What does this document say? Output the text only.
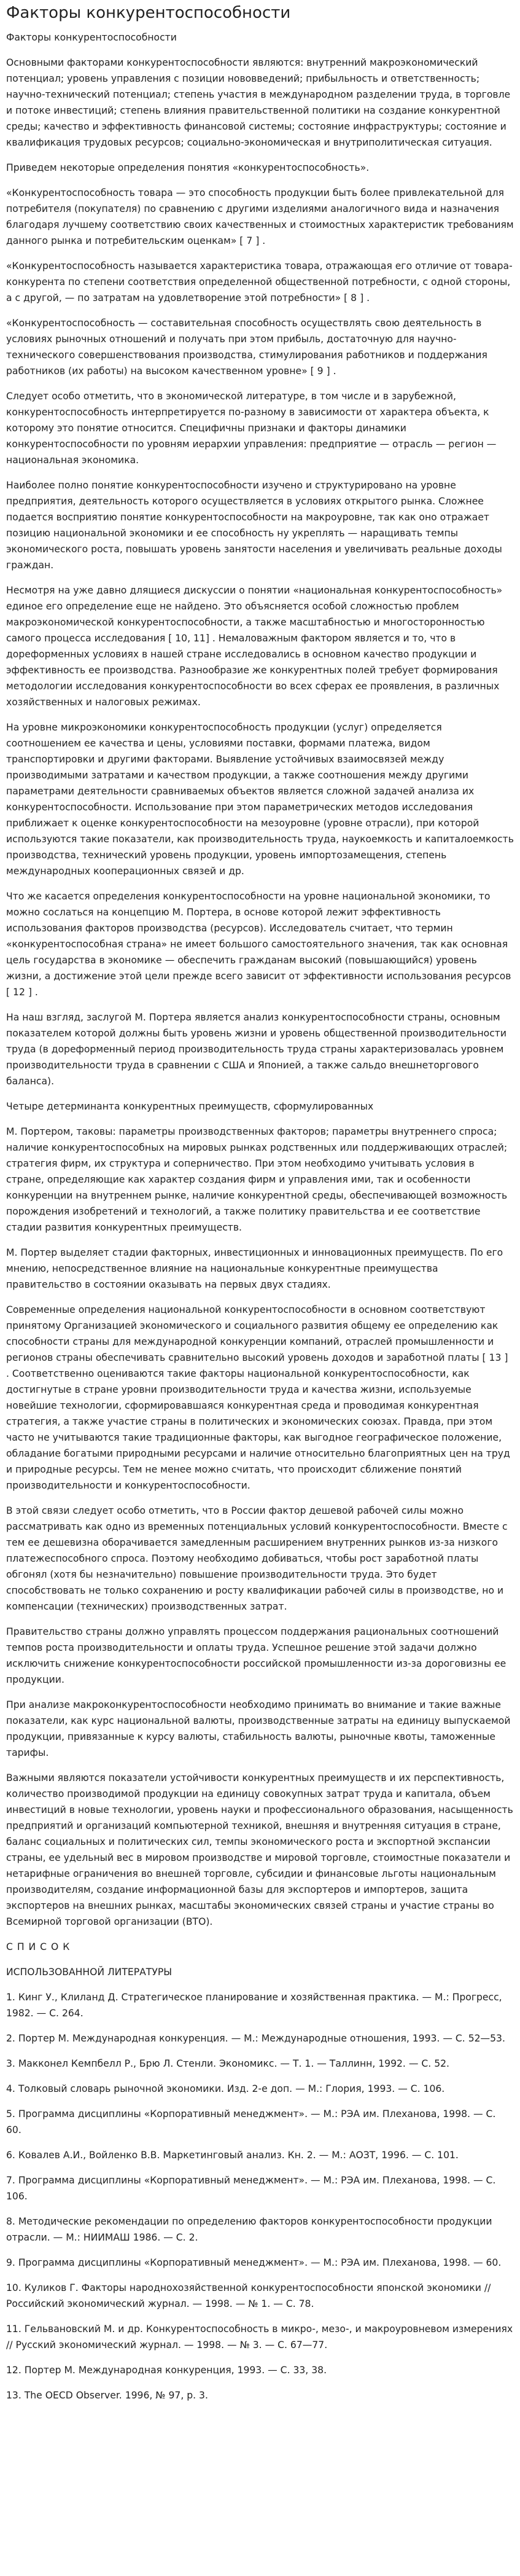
Факторы конкурентоспособности

Факторы конкурентоспособности

Основными факторами конкурентоспособности являются: внутренний макроэкономический потенциал; уровень управления с позиции нововведений; прибыльность и ответственность; научно-технический потенциал; степень участия в международном разделении труда, в торговле и потоке инвестиций; степень влияния правительственной политики на создание конкурентной среды; качество и эффективность финансовой системы; состояние инфраструктуры; состояние и квалификация трудовых ресурсов; социально-экономическая и внутриполитическая ситуация.

Приведем некоторые определения понятия «конкурентоспособность».

«Конкурентоспособность товара — это способность продукции быть более привлекательной для потребителя (покупателя) по сравнению с другими изделиями аналогичного вида и назначения благодаря лучшему соответствию своих качественных и стоимостных характеристик требованиям данного рынка и потребительским оценкам» [ 7 ] .

«Конкурентоспособность называется характеристика товара, отражающая его отличие от товара-конкурента по степени соответствия определенной общественной потребности, с одной стороны, а с другой, — по затратам на удовлетворение этой потребности» [ 8 ] .

«Конкурентоспособность — составительная способность осуществлять свою деятельность в условиях рыночных отношений и получать при этом прибыль, достаточную для научно-технического совершенствования производства, стимулирования работников и поддержания работников (их работы) на высоком качественном уровне» [ 9 ] .

Следует особо отметить, что в экономической литературе, в том числе и в зарубежной, конкурентоспособность интерпретируется по-разному в зависимости от характера объекта, к которому это понятие относится. Специфичны признаки и факторы динамики конкурентоспособности по уровням иерархии управления: предприятие — отрасль — регион — национальная экономика.

Наиболее полно понятие конкурентоспособности изучено и структурировано на уровне предприятия, деятельность которого осуществляется в условиях открытого рынка. Сложнее подается восприятию понятие конкурентоспособности на макроуровне, так как оно отражает позицию национальной экономики и ее способность ну укреплять — наращивать темпы экономического роста, повышать уровень занятости населения и увеличивать реальные доходы граждан.

Несмотря на уже давно длящиеся дискуссии о понятии «национальная конкурентоспособность» единое его определение еще не найдено. Это объясняется особой сложностью проблем макроэкономической конкурентоспособности, а также масштабностью и многосторонностью самого процесса исследования [ 10, 11] . Немаловажным фактором является и то, что в дореформенных условиях в нашей стране исследовались в основном качество продукции и эффективность ее производства. Разнообразие же конкурентных полей требует формирования методологии исследования конкурентоспособности во всех сферах ее проявления, в различных хозяйственных и налоговых режимах.

На уровне микроэкономики конкурентоспособность продукции (услуг) определяется соотношением ее качества и цены, условиями поставки, формами платежа, видом транспортировки и другими факторами. Выявление устойчивых взаимосвязей между производимыми затратами и качеством продукции, а также соотношения между другими параметрами деятельности сравниваемых объектов является сложной задачей анализа их конкурентоспособности. Использование при этом параметрических методов исследования приближает к оценке конкурентоспособности на мезоуровне (уровне отрасли), при которой используются такие показатели, как производительность труда, наукоемкость и капиталоемкость производства, технический уровень продукции, уровень импортозамещения, степень международных кооперационных связей и др.

Что же касается определения конкурентоспособности на уровне национальной экономики, то можно сослаться на концепцию М. Портера, в основе которой лежит эффективность использования факторов производства (ресурсов). Исследователь считает, что термин «конкурентоспособная страна» не имеет большого самостоятельного значения, так как основная цель государства в экономике — обеспечить гражданам высокий (повышающийся) уровень жизни, а достижение этой цели прежде всего зависит от эффективности использования ресурсов [ 12 ] .

На наш взгляд, заслугой М. Портера является анализ конкурентоспособности страны, основным показателем которой должны быть уровень жизни и уровень общественной производительности труда (в дореформенный период производительность труда страны характеризовалась уровнем производительности труда в сравнении с США и Японией, а также сальдо внешнеторгового баланса).

Четыре детерминанта конкурентных преимуществ, сформулированных

М. Портером, таковы: параметры производственных факторов; параметры внутреннего спроса; наличие конкурентоспособных на мировых рынках родственных или поддерживающих отраслей; стратегия фирм, их структура и соперничество. При этом необходимо учитывать условия в стране, определяющие как характер создания фирм и управления ими, так и особенности конкуренции на внутреннем рынке, наличие конкурентной среды, обеспечивающей возможность порождения изобретений и технологий, а также политику правительства и ее соответствие стадии развития конкурентных преимуществ.

М. Портер выделяет стадии факторных, инвестиционных и инновационных преимуществ. По его мнению, непосредственное влияние на национальные конкурентные преимущества правительство в состоянии оказывать на первых двух стадиях.

Современные определения национальной конкурентоспособности в основном соответствуют принятому Организацией экономического и социального развития общему ее определению как способности страны для международной конкуренции компаний, отраслей промышленности и регионов страны обеспечивать сравнительно высокий уровень доходов и заработной платы [ 13 ] . Соответственно оцениваются такие факторы национальной конкурентоспособности, как достигнутые в стране уровни производительности труда и качества жизни, используемые новейшие технологии, сформировавшаяся конкурентная среда и проводимая конкурентная стратегия, а также участие страны в политических и экономических союзах. Правда, при этом часто не учитываются такие традиционные факторы, как выгодное географическое положение, обладание богатыми природными ресурсами и наличие относительно благоприятных цен на труд и природные ресурсы. Тем не менее можно считать, что происходит сближение понятий производительности и конкурентоспособности.

В этой связи следует особо отметить, что в России фактор дешевой рабочей силы можно рассматривать как одно из временных потенциальных условий конкурентоспособности. Вместе с тем ее дешевизна оборачивается замедленным расширением внутренних рынков из-за низкого платежеспособного спроса. Поэтому необходимо добиваться, чтобы рост заработной платы обгонял (хотя бы незначительно) повышение производительности труда. Это будет способствовать не только сохранению и росту квалификации рабочей силы в производстве, но и компенсации (технических) производственных затрат.

Правительство страны должно управлять процессом поддержания рациональных соотношений темпов роста производительности и оплаты труда. Успешное решение этой задачи должно исключить снижение конкурентоспособности российской промышленности из-за дороговизны ее продукции.

При анализе макроконкурентоспособности необходимо принимать во внимание и такие важные показатели, как курс национальной валюты, производственные затраты на единицу выпускаемой продукции, привязанные к курсу валюты, стабильность валюты, рыночные квоты, таможенные тарифы.

Важными являются показатели устойчивости конкурентных преимуществ и их перспективность, количество производимой продукции на единицу совокупных затрат труда и капитала, объем инвестиций в новые технологии, уровень науки и профессионального образования, насыщенность предприятий и организаций компьютерной техникой, внешняя и внутренняя ситуация в стране, баланс социальных и политических сил, темпы экономического роста и экспортной экспансии страны, ее удельный вес в мировом производстве и мировой торговле, стоимостные показатели и нетарифные ограничения во внешней торговле, субсидии и финансовые льготы национальным производителям, создание информационной базы для экспортеров и импортеров, защита экспортеров на внешних рынках, масштабы экономических связей страны и участие страны во Всемирной торговой организации (ВТО).

С П И С О К

ИСПОЛЬЗОВАННОЙ ЛИТЕРАТУРЫ

1. Кинг У., Клиланд Д. Стратегическое планирование и хозяйственная практика. — М.: Прогресс, 1982. — С. 264.

2. Портер М. Международная конкуренция. — М.: Международные отношения, 1993. — С. 52—53.

3. Макконел Кемпбелл Р., Брю Л. Стенли. Экономикс. — Т. 1. — Таллинн, 1992. — С. 52.

4. Толковый словарь рыночной экономики. Изд. 2-е доп. — М.: Глория, 1993. — С. 106.

5. Программа дисциплины «Корпоративный менеджмент». — М.: РЭА им. Плеханова, 1998. — С. 60.

6. Ковалев А.И., Войленко В.В. Маркетинговый анализ. Кн. 2. — М.: АОЗТ, 1996. — С. 101.

7. Программа дисциплины «Корпоративный менеджмент». — М.: РЭА им. Плеханова, 1998. — С. 106.

8. Методические рекомендации по определению факторов конкурентоспособности продукции отрасли. — М.: НИИМАШ 1986. — С. 2.

9. Программа дисциплины «Корпоративный менеджмент». — М.: РЭА им. Плеханова, 1998. — 60.

10. Куликов Г. Факторы народнохозяйственной конкурентоспособности японской экономики // Российский экономический журнал. — 1998. — № 1. — С. 78.

11. Гельвановский М. и др. Конкурентоспособность в микро-, мезо-, и макроуровневом измерениях // Русский экономический журнал. — 1998. — № 3. — С. 67—77.

12. Портер М. Международная конкуренция, 1993. — С. 33, 38.

13. The OECD Observer. 1996, № 97, p. 3.
